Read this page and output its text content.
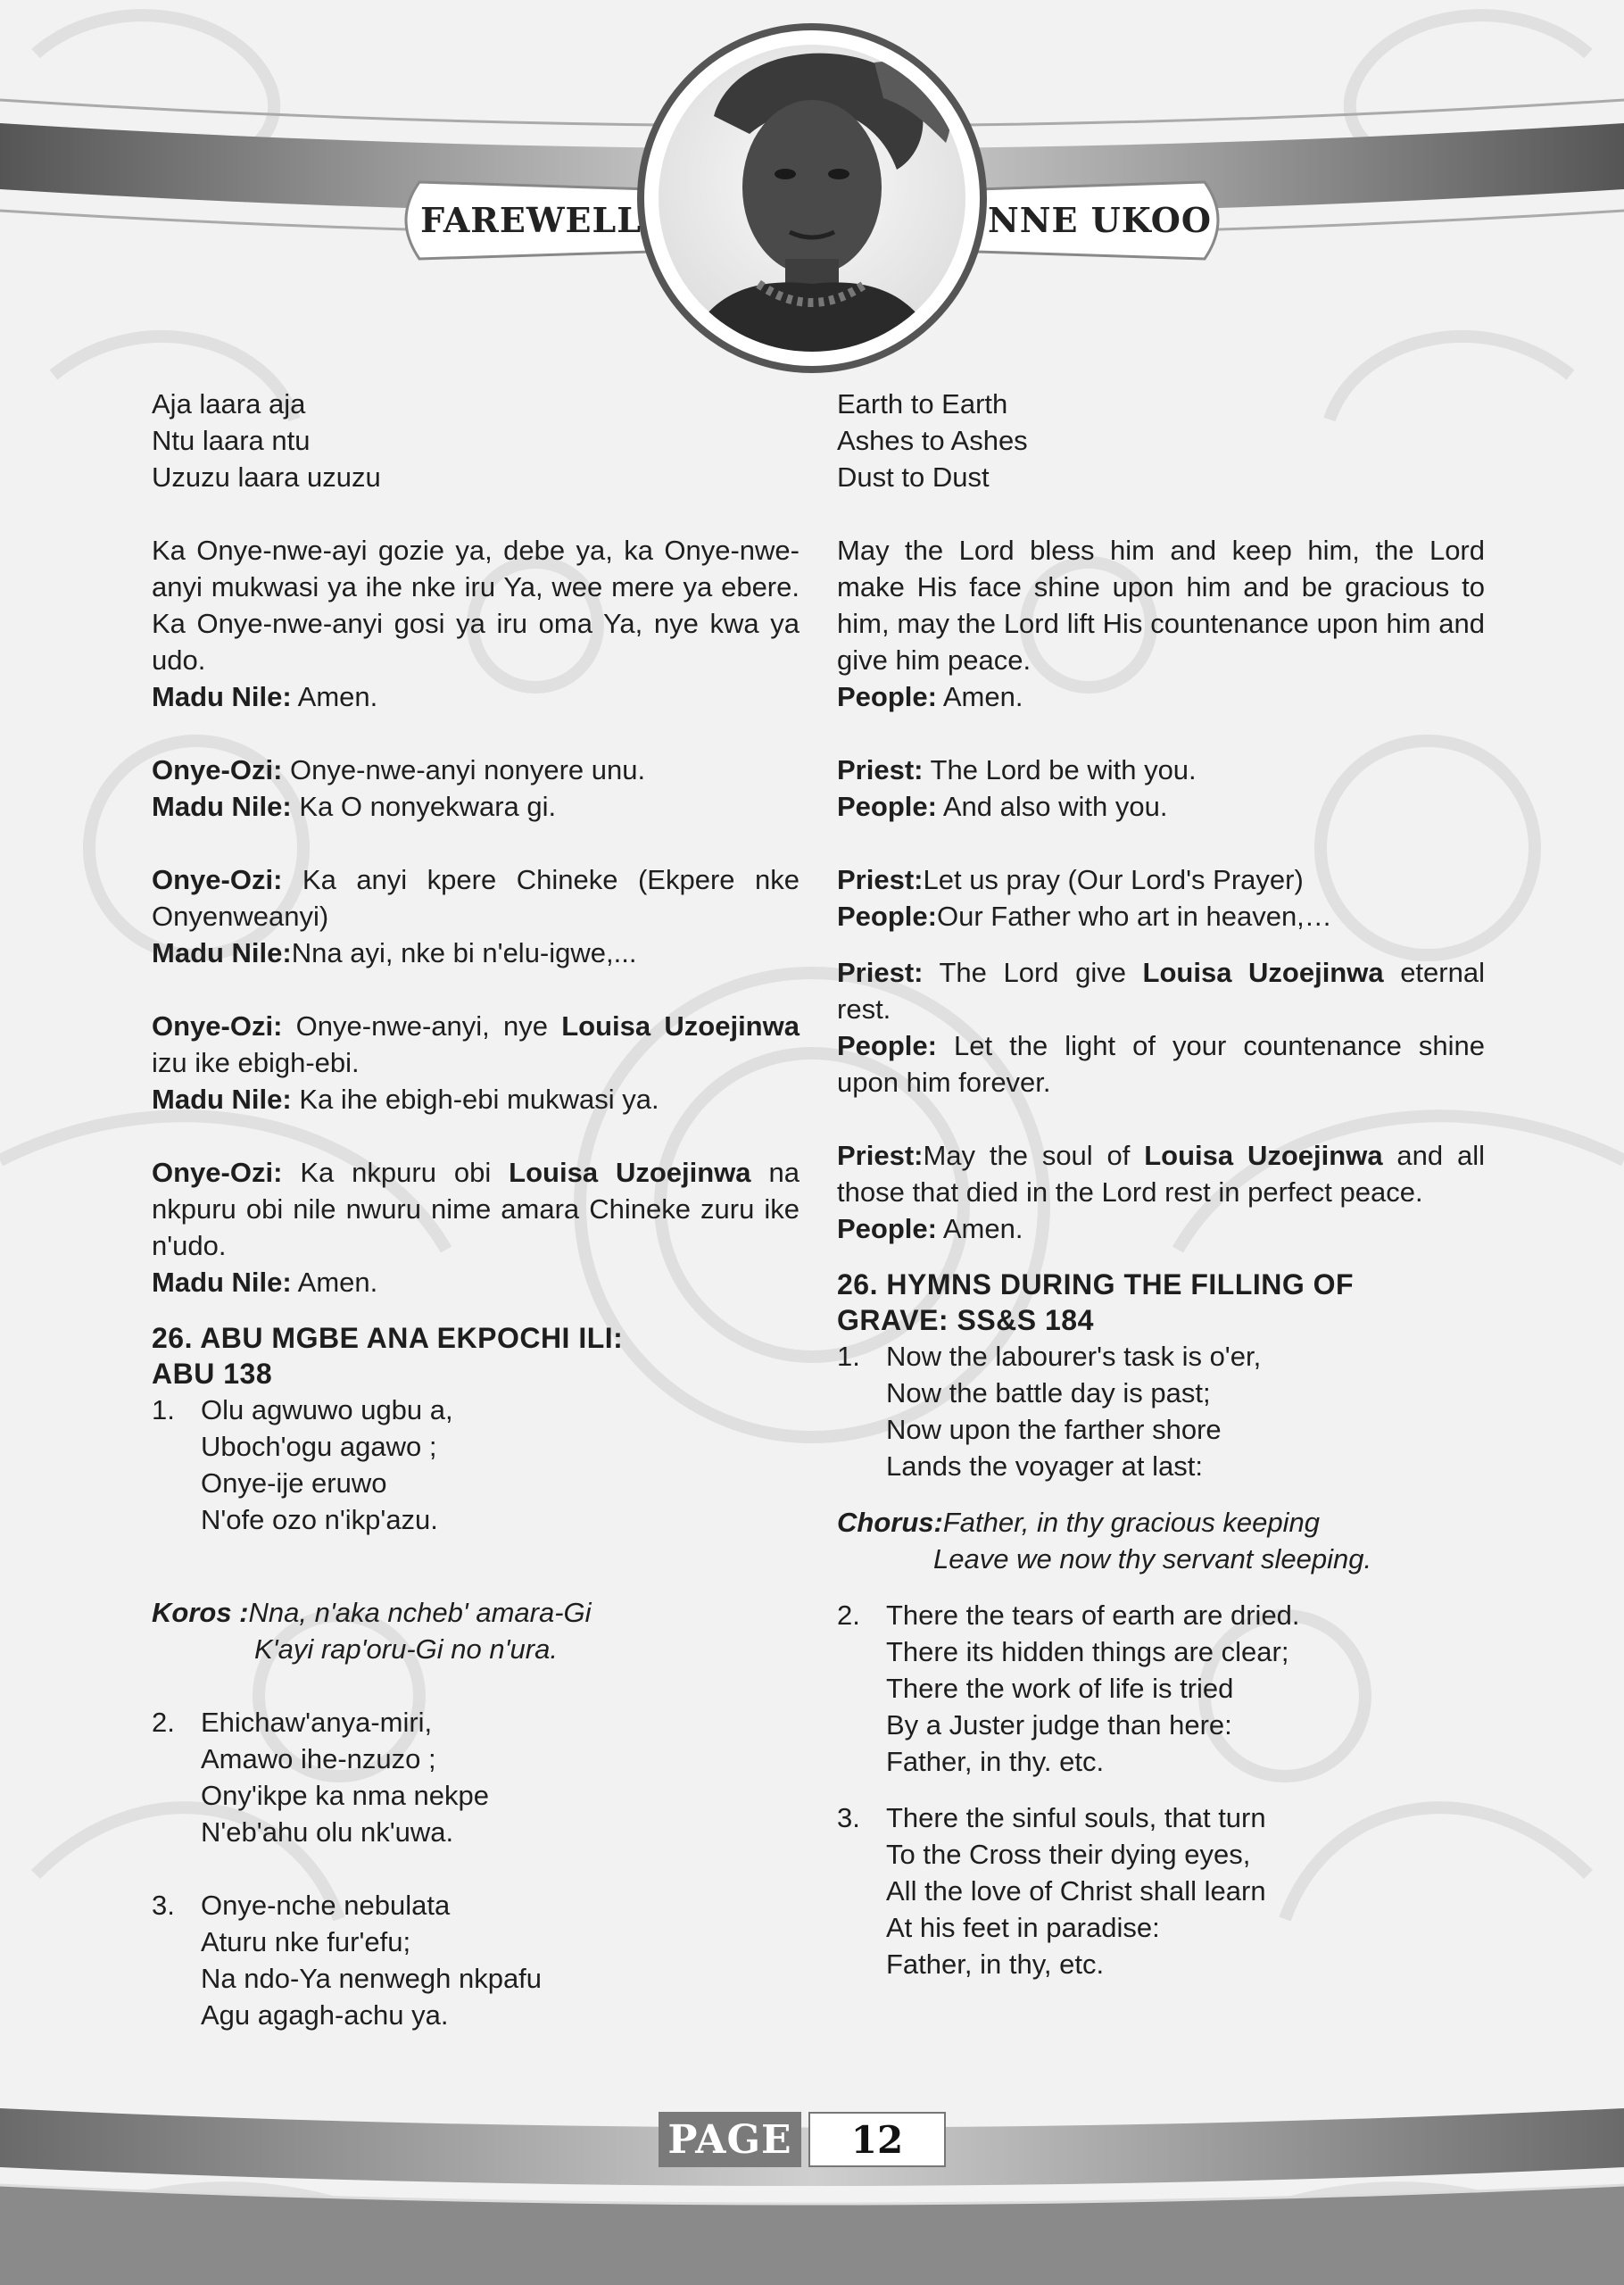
FAREWELL	NNE UKOO

Aja laara aja

Ntu laara ntu

Uzuzu laara uzuzu

Ka Onye-nwe-ayi gozie ya, debe ya, ka Onye-nwe-anyi mukwasi ya ihe nke iru Ya, wee mere ya ebere. Ka Onye-nwe-anyi gosi ya iru oma Ya, nye kwa ya udo.

Madu Nile: Amen.

Onye-Ozi: Onye-nwe-anyi nonyere unu.

Madu Nile: Ka O nonyekwara gi.

Onye-Ozi: Ka anyi kpere Chineke (Ekpere nke Onyenweanyi)

Madu Nile:Nna ayi, nke bi n'elu-igwe,...

Onye-Ozi: Onye-nwe-anyi, nye Louisa Uzoejinwa izu ike ebigh-ebi.

Madu Nile: Ka ihe ebigh-ebi mukwasi ya.

Onye-Ozi: Ka nkpuru obi Louisa Uzoejinwa na nkpuru obi nile nwuru nime amara Chineke zuru ike n'udo.

Madu Nile: Amen.

26. ABU MGBE ANA EKPOCHI ILI:

ABU 138

1. Olu agwuwo ugbu a,

Uboch'ogu agawo ;

Onye-ije eruwo

N'ofe ozo n'ikp'azu.

Koros :Nna, n'aka ncheb' amara-Gi

K'ayi rap'oru-Gi no n'ura.

2. Ehichaw'anya-miri,

Amawo ihe-nzuzo ;

Ony'ikpe ka nma nekpe

N'eb'ahu olu nk'uwa.

3. Onye-nche nebulata

Aturu nke fur'efu;

Na ndo-Ya nenwegh nkpafu

Agu agagh-achu ya.

Earth to Earth

Ashes to Ashes

Dust to Dust

May the Lord bless him and keep him, the Lord make His face shine upon him and be gracious to him, may the Lord lift His countenance upon him and give him peace.

People: Amen.

Priest: The Lord be with you.

People: And also with you.

Priest:Let us pray (Our Lord's Prayer)

People:Our Father who art in heaven,…

Priest: The Lord give Louisa Uzoejinwa eternal rest.

People: Let the light of your countenance shine upon him forever.

Priest:May the soul of Louisa Uzoejinwa and all those that died in the Lord rest in perfect peace.

People: Amen.

26. HYMNS DURING THE FILLING OF

GRAVE: SS&S 184

1. Now the labourer's task is o'er,

Now the battle day is past;

Now upon the farther shore

Lands the voyager at last:

Chorus:Father, in thy gracious keeping

Leave we now thy servant sleeping.

2. There the tears of earth are dried.

There its hidden things are clear;

There the work of life is tried

By a Juster judge than here:

Father, in thy. etc.

3. There the sinful souls, that turn

To the Cross their dying eyes,

All the love of Christ shall learn

At his feet in paradise:

Father, in thy, etc.

PAGE	12
